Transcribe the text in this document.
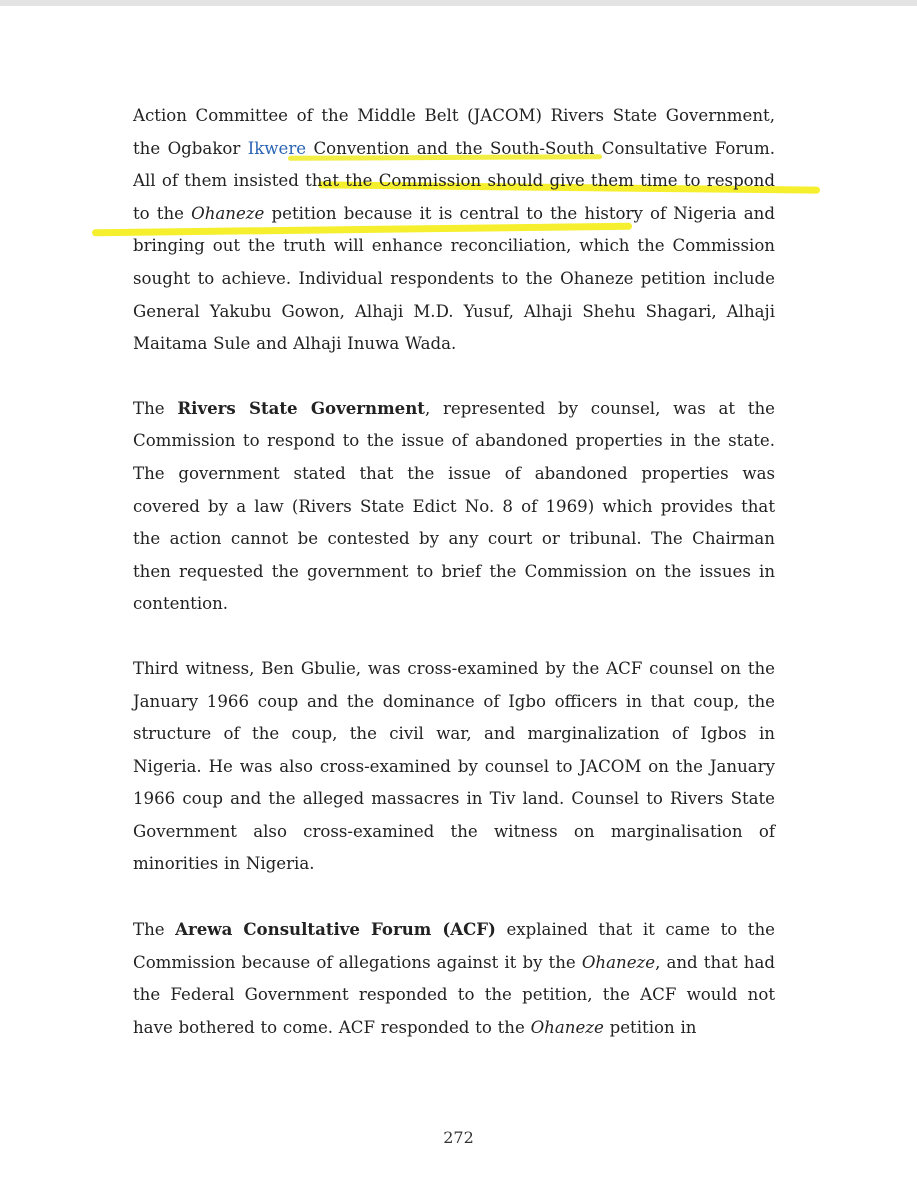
Action Committee of the Middle Belt (JACOM) Rivers State Government, the Ogbakor Ikwere Convention and the South-South Consultative Forum. All of them insisted that the Commission should give them time to respond to the Ohaneze petition because it is central to the history of Nigeria and bringing out the truth will enhance reconciliation, which the Commission sought to achieve. Individual respondents to the Ohaneze petition include General Yakubu Gowon, Alhaji M.D. Yusuf, Alhaji Shehu Shagari, Alhaji Maitama Sule and Alhaji Inuwa Wada.

The Rivers State Government, represented by counsel, was at the Commission to respond to the issue of abandoned properties in the state. The government stated that the issue of abandoned properties was covered by a law (Rivers State Edict No. 8 of 1969) which provides that the action cannot be contested by any court or tribunal. The Chairman then requested the government to brief the Commission on the issues in contention.

Third witness, Ben Gbulie, was cross-examined by the ACF counsel on the January 1966 coup and the dominance of Igbo officers in that coup, the structure of the coup, the civil war, and marginalization of Igbos in Nigeria. He was also cross-examined by counsel to JACOM on the January 1966 coup and the alleged massacres in Tiv land. Counsel to Rivers State Government also cross-examined the witness on marginalisation of minorities in Nigeria.

The Arewa Consultative Forum (ACF) explained that it came to the Commission because of allegations against it by the Ohaneze, and that had the Federal Government responded to the petition, the ACF would not have bothered to come. ACF responded to the Ohaneze petition in

272
